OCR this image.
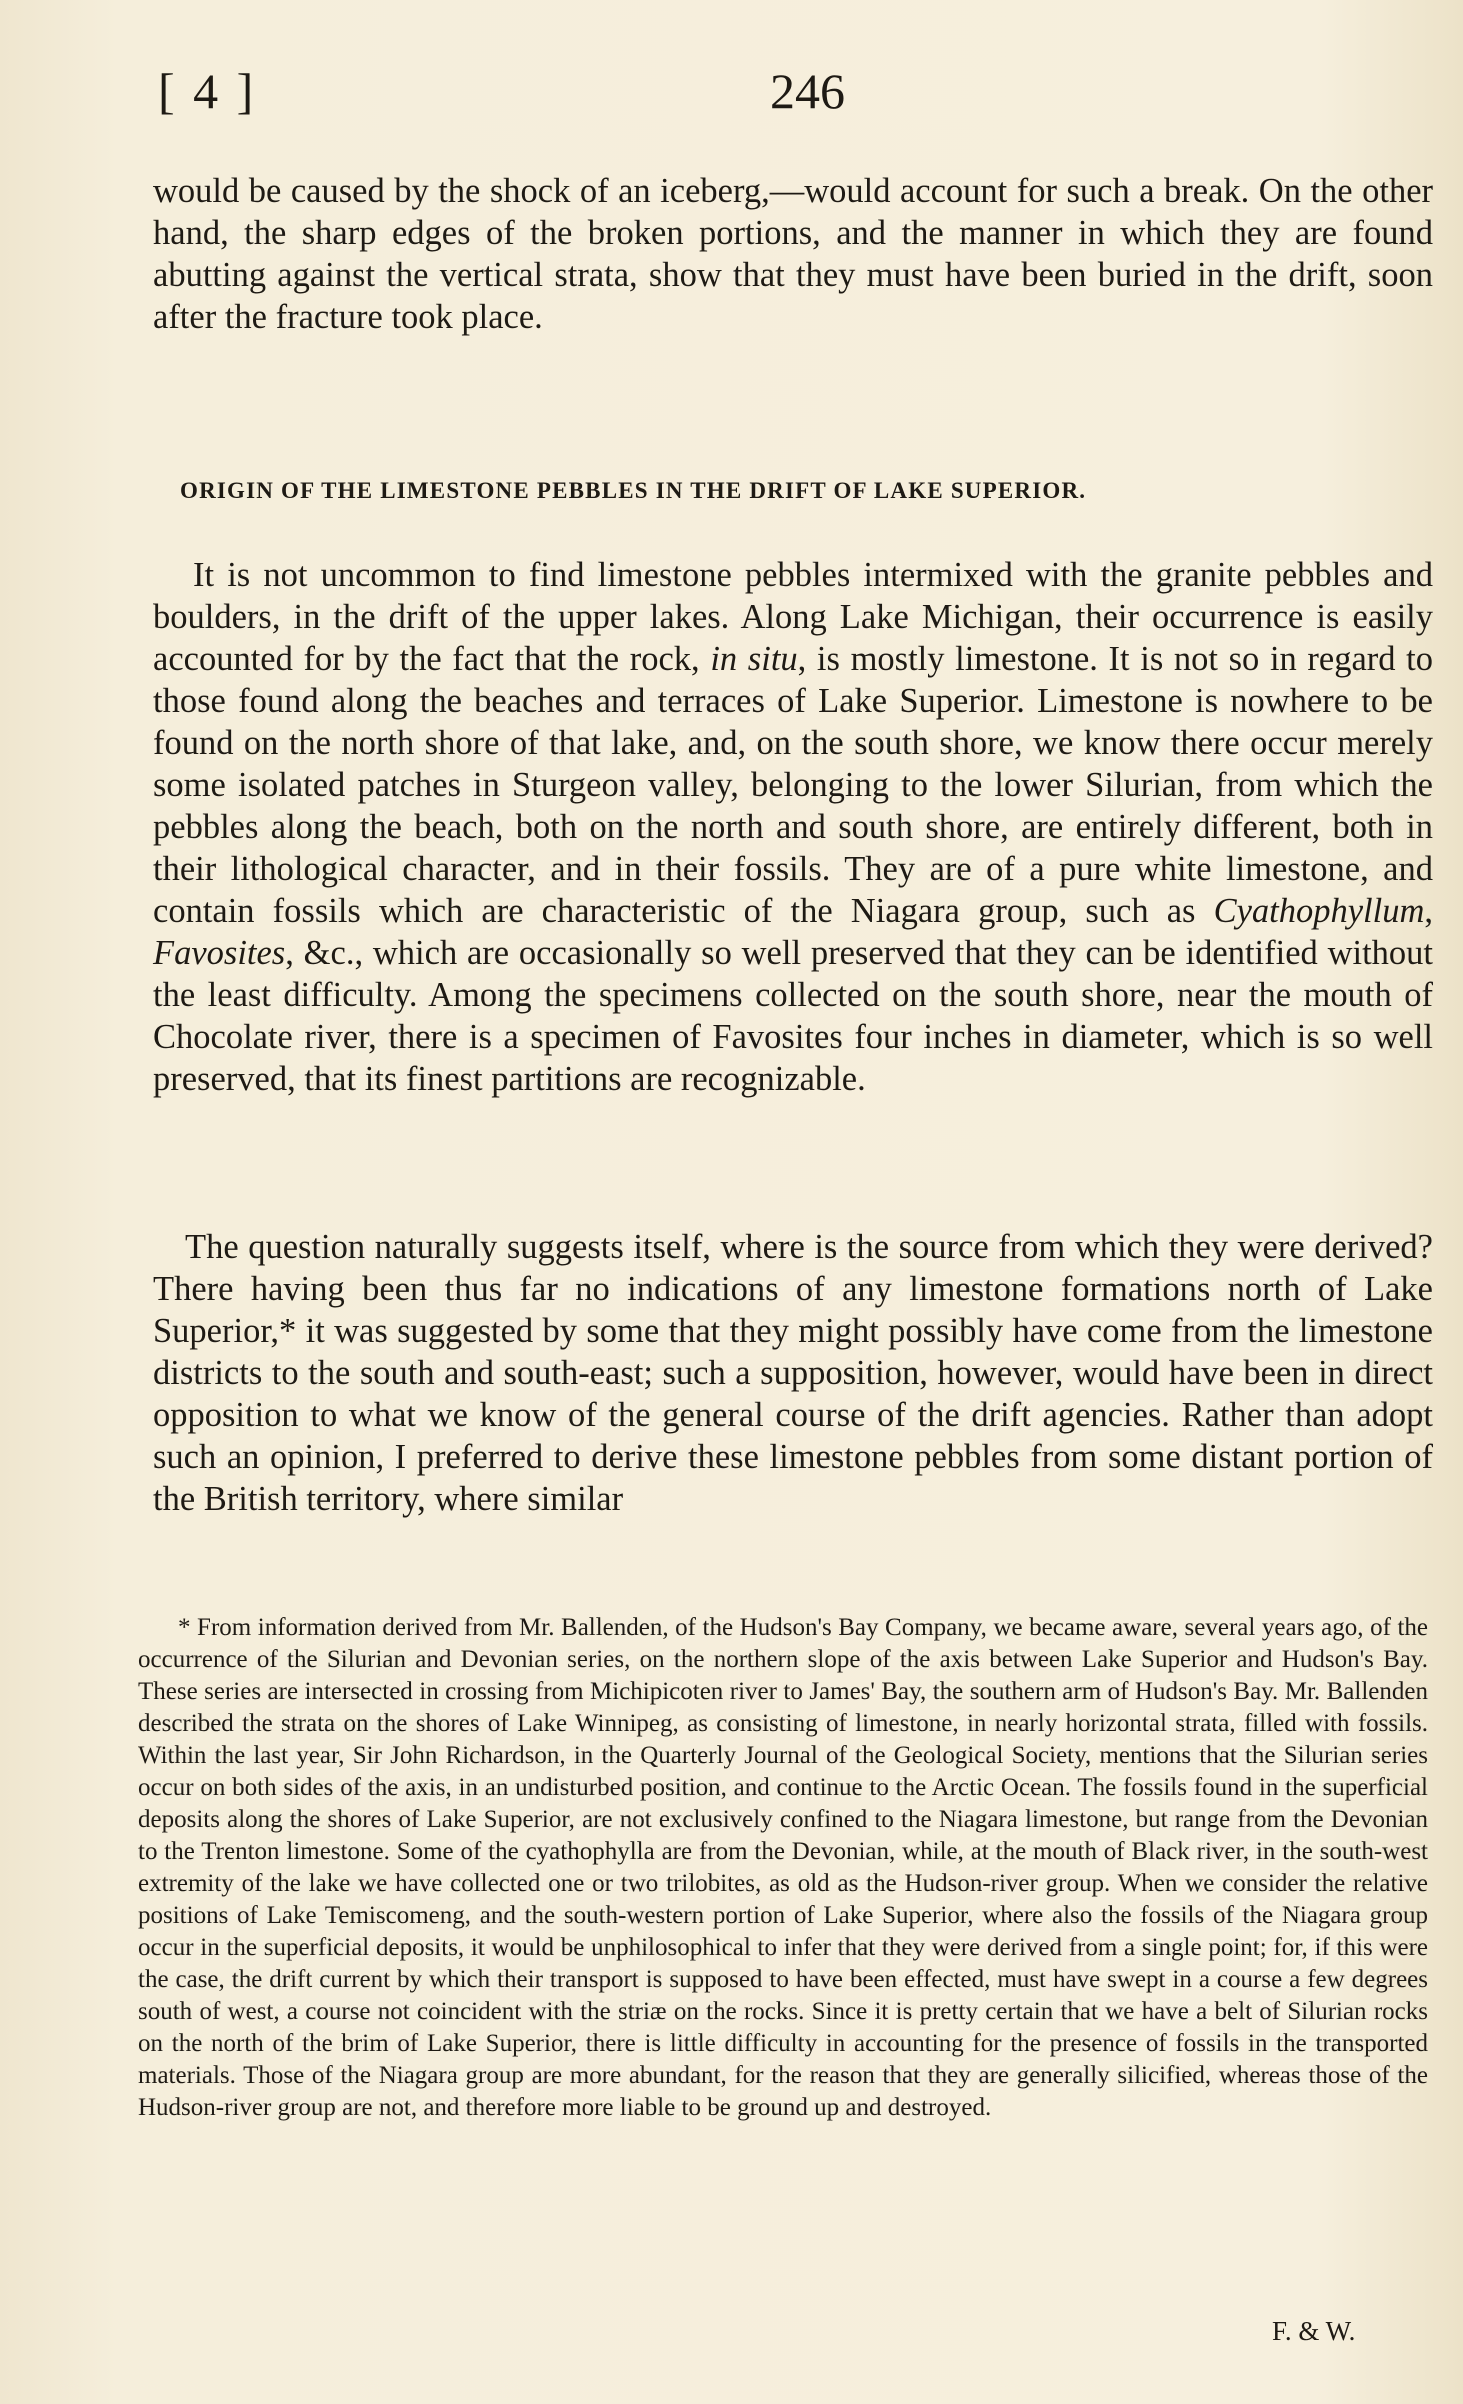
[ 4 ]	246

would be caused by the shock of an iceberg,—would account for such a break. On the other hand, the sharp edges of the broken portions, and the manner in which they are found abutting against the vertical strata, show that they must have been buried in the drift, soon after the fracture took place.

ORIGIN OF THE LIMESTONE PEBBLES IN THE DRIFT OF LAKE SUPERIOR.

It is not uncommon to find limestone pebbles intermixed with the granite pebbles and boulders, in the drift of the upper lakes. Along Lake Michigan, their occurrence is easily accounted for by the fact that the rock, in situ, is mostly limestone. It is not so in regard to those found along the beaches and terraces of Lake Superior. Limestone is nowhere to be found on the north shore of that lake, and, on the south shore, we know there occur merely some isolated patches in Sturgeon valley, belonging to the lower Silurian, from which the pebbles along the beach, both on the north and south shore, are entirely different, both in their lithological character, and in their fossils. They are of a pure white limestone, and contain fossils which are characteristic of the Niagara group, such as Cyathophyllum, Favosites, &c., which are occasionally so well preserved that they can be identified without the least difficulty. Among the specimens collected on the south shore, near the mouth of Chocolate river, there is a specimen of Favosites four inches in diameter, which is so well preserved, that its finest partitions are recognizable.

The question naturally suggests itself, where is the source from which they were derived? There having been thus far no indications of any limestone formations north of Lake Superior,* it was suggested by some that they might possibly have come from the limestone districts to the south and south-east; such a supposition, however, would have been in direct opposition to what we know of the general course of the drift agencies. Rather than adopt such an opinion, I preferred to derive these limestone pebbles from some distant portion of the British territory, where similar

* From information derived from Mr. Ballenden, of the Hudson's Bay Company, we became aware, several years ago, of the occurrence of the Silurian and Devonian series, on the northern slope of the axis between Lake Superior and Hudson's Bay. These series are intersected in crossing from Michipicoten river to James' Bay, the southern arm of Hudson's Bay. Mr. Ballenden described the strata on the shores of Lake Winnipeg, as consisting of limestone, in nearly horizontal strata, filled with fossils. Within the last year, Sir John Richardson, in the Quarterly Journal of the Geological Society, mentions that the Silurian series occur on both sides of the axis, in an undisturbed position, and continue to the Arctic Ocean. The fossils found in the superficial deposits along the shores of Lake Superior, are not exclusively confined to the Niagara limestone, but range from the Devonian to the Trenton limestone. Some of the cyathophylla are from the Devonian, while, at the mouth of Black river, in the south-west extremity of the lake we have collected one or two trilobites, as old as the Hudson-river group. When we consider the relative positions of Lake Temiscomeng, and the south-western portion of Lake Superior, where also the fossils of the Niagara group occur in the superficial deposits, it would be unphilosophical to infer that they were derived from a single point; for, if this were the case, the drift current by which their transport is supposed to have been effected, must have swept in a course a few degrees south of west, a course not coincident with the striæ on the rocks. Since it is pretty certain that we have a belt of Silurian rocks on the north of the brim of Lake Superior, there is little difficulty in accounting for the presence of fossils in the transported materials. Those of the Niagara group are more abundant, for the reason that they are generally silicified, whereas those of the Hudson-river group are not, and therefore more liable to be ground up and destroyed.

F. & W.
